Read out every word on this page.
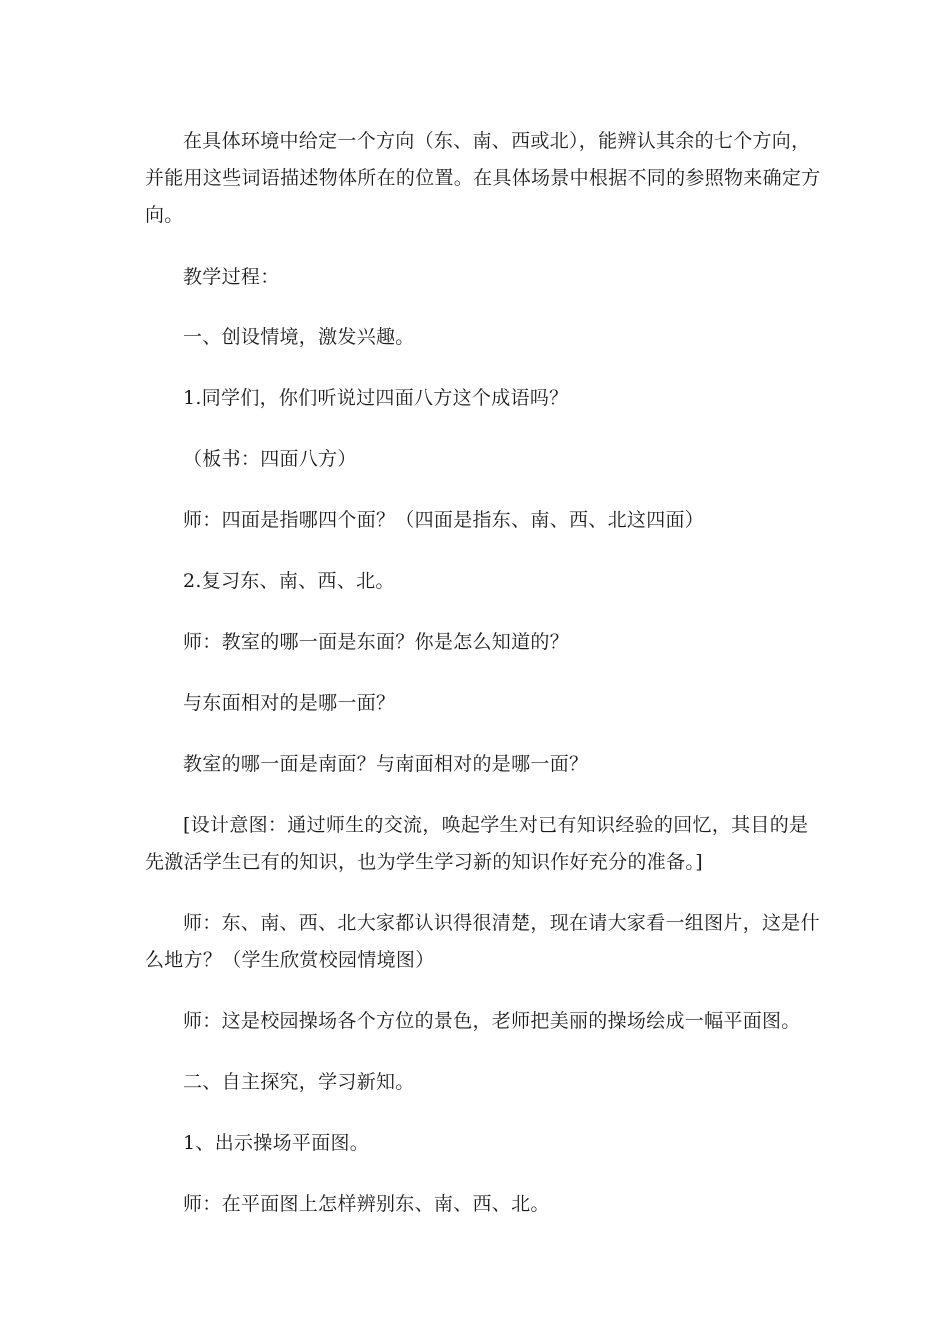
在具体环境中给定一个方向（东、南、西或北），能辨认其余的七个方向，
并能用这些词语描述物体所在的位置。在具体场景中根据不同的参照物来确定方
向。
教学过程：
一、创设情境，激发兴趣。
1.同学们，你们听说过四面八方这个成语吗？
（板书：四面八方）
师：四面是指哪四个面？（四面是指东、南、西、北这四面）
2.复习东、南、西、北。
师：教室的哪一面是东面？你是怎么知道的？
与东面相对的是哪一面？
教室的哪一面是南面？与南面相对的是哪一面？
[设计意图：通过师生的交流，唤起学生对已有知识经验的回忆，其目的是
先激活学生已有的知识，也为学生学习新的知识作好充分的准备。]
师：东、南、西、北大家都认识得很清楚，现在请大家看一组图片，这是什
么地方？（学生欣赏校园情境图）
师：这是校园操场各个方位的景色，老师把美丽的操场绘成一幅平面图。
二、自主探究，学习新知。
1、出示操场平面图。
师：在平面图上怎样辨别东、南、西、北。
